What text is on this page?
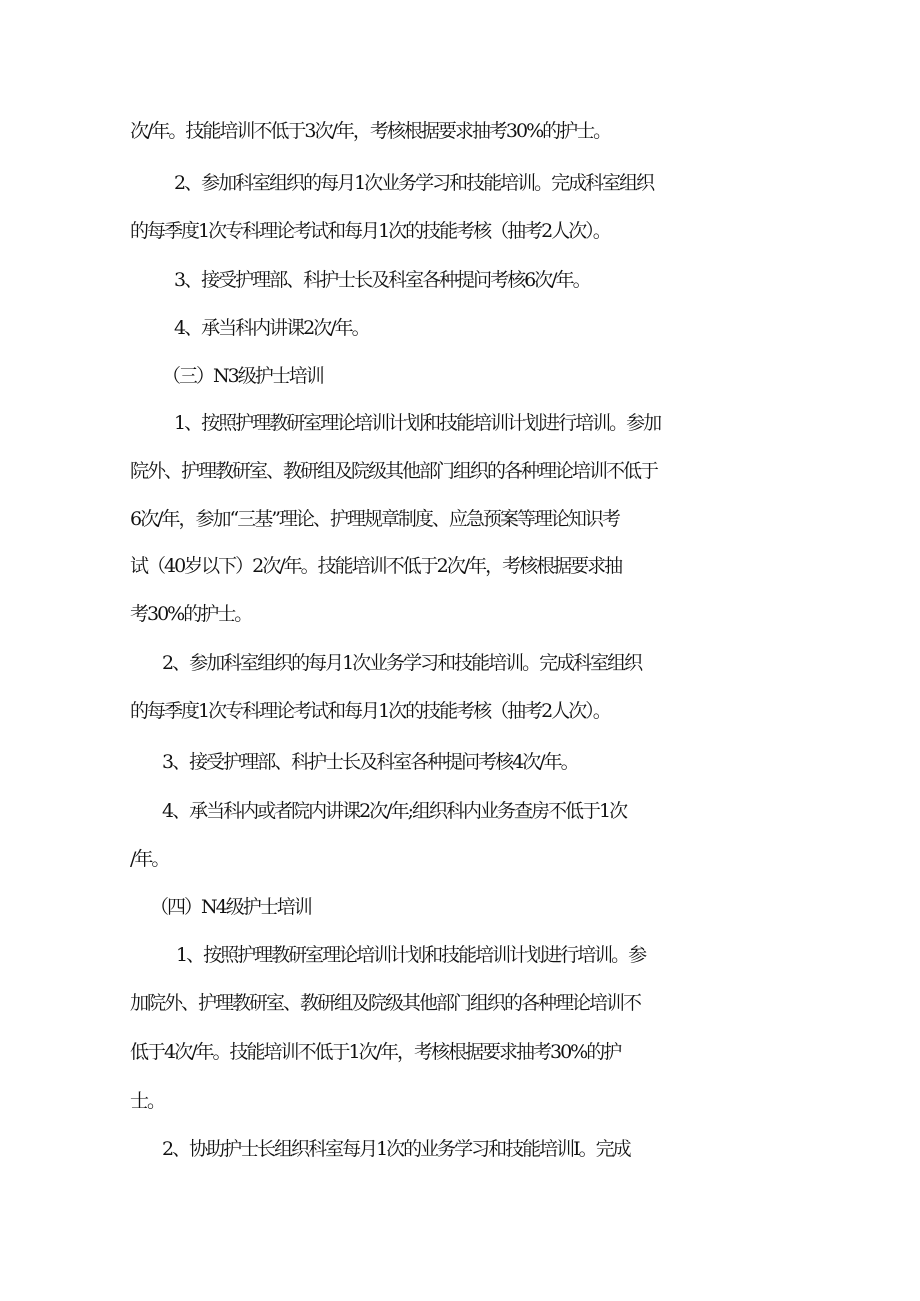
次/年。技能培训不低于3次/年，考核根据要求抽考30%的护士。
2、参加科室组织的每月1次业务学习和技能培训。完成科室组织
的每季度1次专科理论考试和每月1次的技能考核（抽考2人次）。
3、接受护理部、科护士长及科室各种提问考核6次/年。
4、承当科内讲课2次/年。
（三）N3级护士培训
1、按照护理教研室理论培训计划和技能培训计划进行培训。参加
院外、护理教研室、教研组及院级其他部门组织的各种理论培训不低于
6次/年，参加“三基”理论、护理规章制度、应急预案等理论知识考
试（40岁以下）2次/年。技能培训不低于2次/年，考核根据要求抽
考30%的护士。
2、参加科室组织的每月1次业务学习和技能培训。完成科室组织
的每季度1次专科理论考试和每月1次的技能考核（抽考2人次）。
3、接受护理部、科护士长及科室各种提问考核4次/年。
4、承当科内或者院内讲课2次/年;组织科内业务查房不低于1次
/年。
（四）N4级护士培训
1、按照护理教研室理论培训计划和技能培训计划进行培训。参
加院外、护理教研室、教研组及院级其他部门组织的各种理论培训不
低于4次/年。技能培训不低于1次/年，考核根据要求抽考30%的护
士。
2、协助护士长组织科室每月1次的业务学习和技能培训I。完成
